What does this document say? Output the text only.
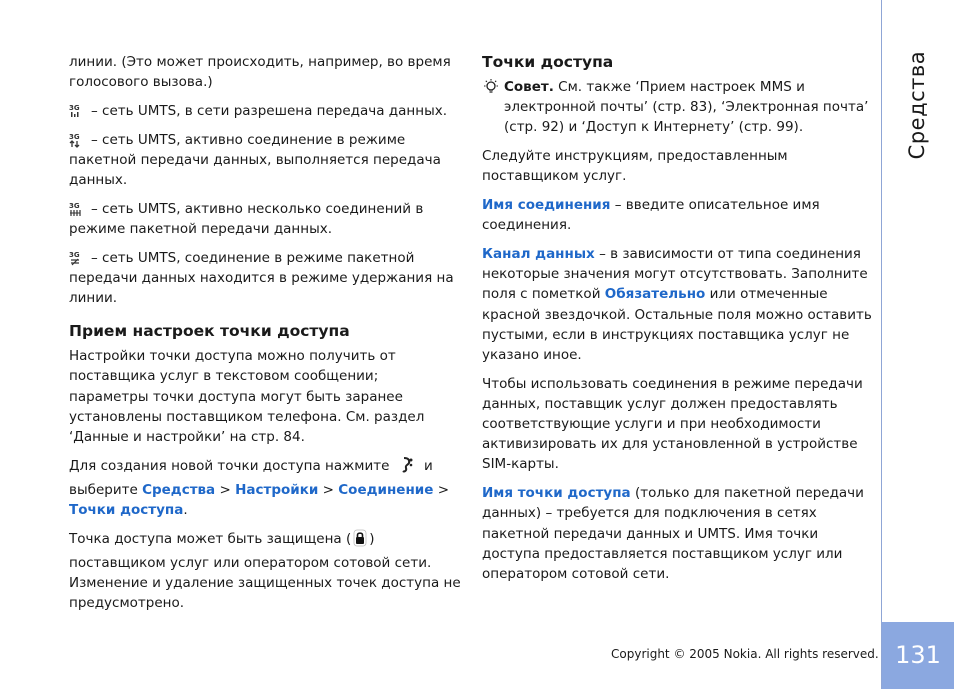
Средства
131

линии. (Это может происходить, например, во время голосового вызова.)

3G – сеть UMTS, в сети разрешена передача данных.

3G – сеть UMTS, активно соединение в режиме пакетной передачи данных, выполняется передача данных.

3G – сеть UMTS, активно несколько соединений в режиме пакетной передачи данных.

3G – сеть UMTS, соединение в режиме пакетной передачи данных находится в режиме удержания на линии.

Прием настроек точки доступа

Настройки точки доступа можно получить от поставщика услуг в текстовом сообщении; параметры точки доступа могут быть заранее установлены поставщиком телефона. См. раздел ‘Данные и настройки’ на стр. 84.

Для создания новой точки доступа нажмите	и выберите Средства > Настройки > Соединение > Точки доступа.

Точка доступа может быть защищена ( ) поставщиком услуг или оператором сотовой сети. Изменение и удаление защищенных точек доступа не предусмотрено.

Точки доступа
Совет. См. также ‘Прием настроек MMS и электронной почты’ (стр. 83), ‘Электронная почта’ (стр. 92) и ‘Доступ к Интернету’ (стр. 99).

Следуйте инструкциям, предоставленным поставщиком услуг.

Имя соединения – введите описательное имя соединения.

Канал данных – в зависимости от типа соединения некоторые значения могут отсутствовать. Заполните поля с пометкой Обязательно или отмеченные красной звездочкой. Остальные поля можно оставить пустыми, если в инструкциях поставщика услуг не указано иное.

Чтобы использовать соединения в режиме передачи данных, поставщик услуг должен предоставлять соответствующие услуги и при необходимости активизировать их для установленной в устройстве SIM-карты.

Имя точки доступа (только для пакетной передачи данных) – требуется для подключения в сетях пакетной передачи данных и UMTS. Имя точки доступа предоставляется поставщиком услуг или оператором сотовой сети.

Copyright © 2005 Nokia. All rights reserved.
